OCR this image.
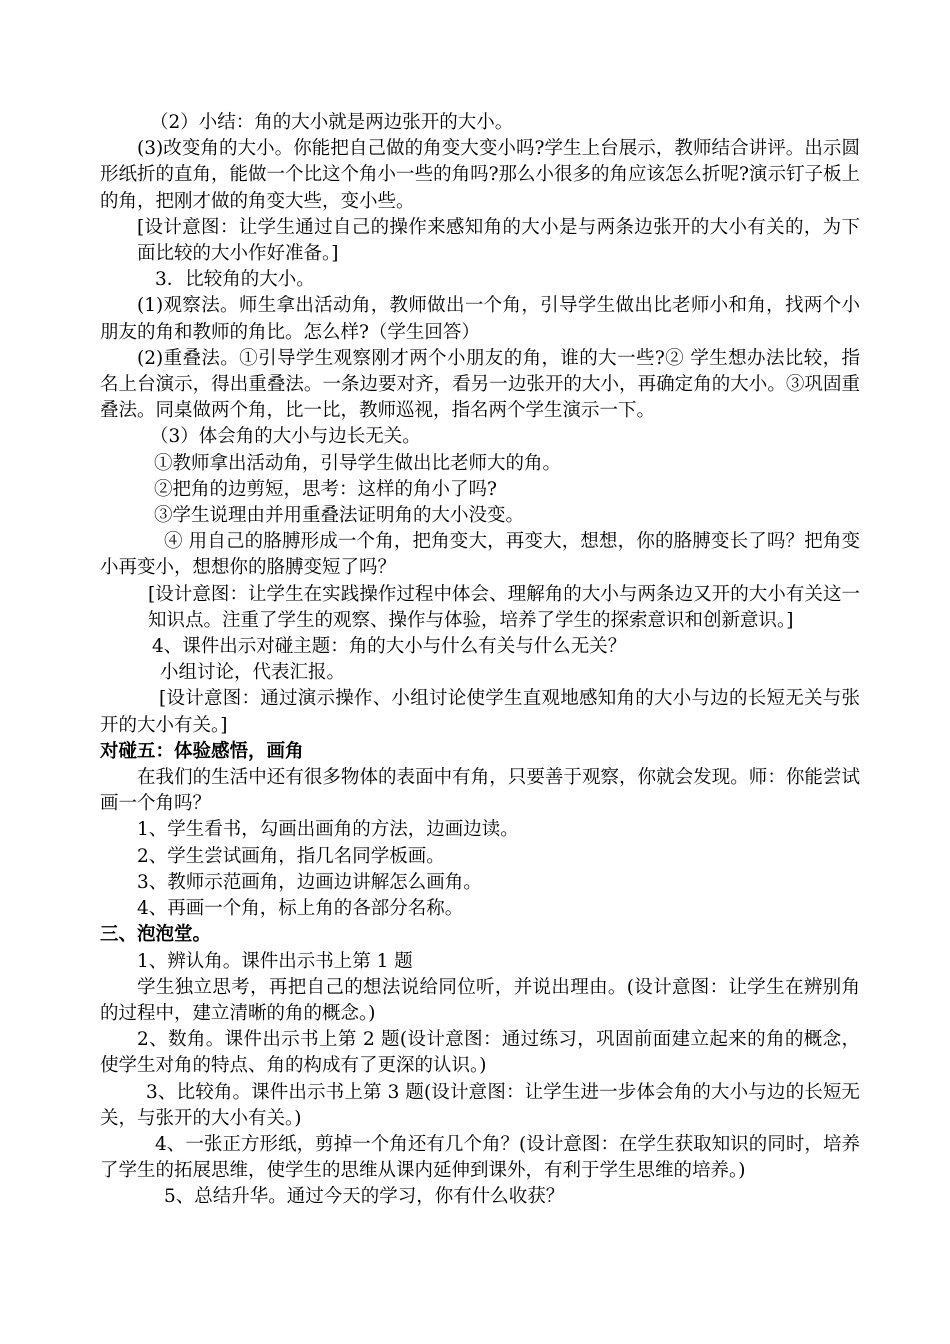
（2）小结：角的大小就是两边张开的大小。

(3)改变角的大小。你能把自己做的角变大变小吗?学生上台展示，教师结合讲评。出示圆形纸折的直角，能做一个比这个角小一些的角吗?那么小很多的角应该怎么折呢?演示钉子板上的角，把刚才做的角变大些，变小些。

[设计意图：让学生通过自己的操作来感知角的大小是与两条边张开的大小有关的，为下面比较的大小作好准备。]

3．比较角的大小。

(1)观察法。师生拿出活动角，教师做出一个角，引导学生做出比老师小和角，找两个小朋友的角和教师的角比。怎么样?（学生回答）

(2)重叠法。①引导学生观察刚才两个小朋友的角，谁的大一些?② 学生想办法比较，指名上台演示，得出重叠法。一条边要对齐，看另一边张开的大小，再确定角的大小。③巩固重叠法。同桌做两个角，比一比，教师巡视，指名两个学生演示一下。

（3）体会角的大小与边长无关。

①教师拿出活动角，引导学生做出比老师大的角。

②把角的边剪短，思考：这样的角小了吗?

③学生说理由并用重叠法证明角的大小没变。

④ 用自己的胳膊形成一个角，把角变大，再变大，想想，你的胳膊变长了吗？把角变小再变小，想想你的胳膊变短了吗？

[设计意图：让学生在实践操作过程中体会、理解角的大小与两条边又开的大小有关这一知识点。注重了学生的观察、操作与体验，培养了学生的探索意识和创新意识。]

4、课件出示对碰主题：角的大小与什么有关与什么无关？

小组讨论，代表汇报。

[设计意图：通过演示操作、小组讨论使学生直观地感知角的大小与边的长短无关与张开的大小有关。]

对碰五：体验感悟，画角

在我们的生活中还有很多物体的表面中有角，只要善于观察，你就会发现。师：你能尝试画一个角吗？

1、学生看书，勾画出画角的方法，边画边读。

2、学生尝试画角，指几名同学板画。

3、教师示范画角，边画边讲解怎么画角。

4、再画一个角，标上角的各部分名称。

三、泡泡堂。

1、辨认角。课件出示书上第 1 题

学生独立思考，再把自己的想法说给同位听，并说出理由。(设计意图：让学生在辨别角的过程中，建立清晰的角的概念。)

2、数角。课件出示书上第 2 题(设计意图：通过练习，巩固前面建立起来的角的概念，使学生对角的特点、角的构成有了更深的认识。)

3、比较角。课件出示书上第 3 题(设计意图：让学生进一步体会角的大小与边的长短无关，与张开的大小有关。)

4、一张正方形纸，剪掉一个角还有几个角？(设计意图：在学生获取知识的同时，培养了学生的拓展思维，使学生的思维从课内延伸到课外，有利于学生思维的培养。)

5、总结升华。通过今天的学习，你有什么收获？
